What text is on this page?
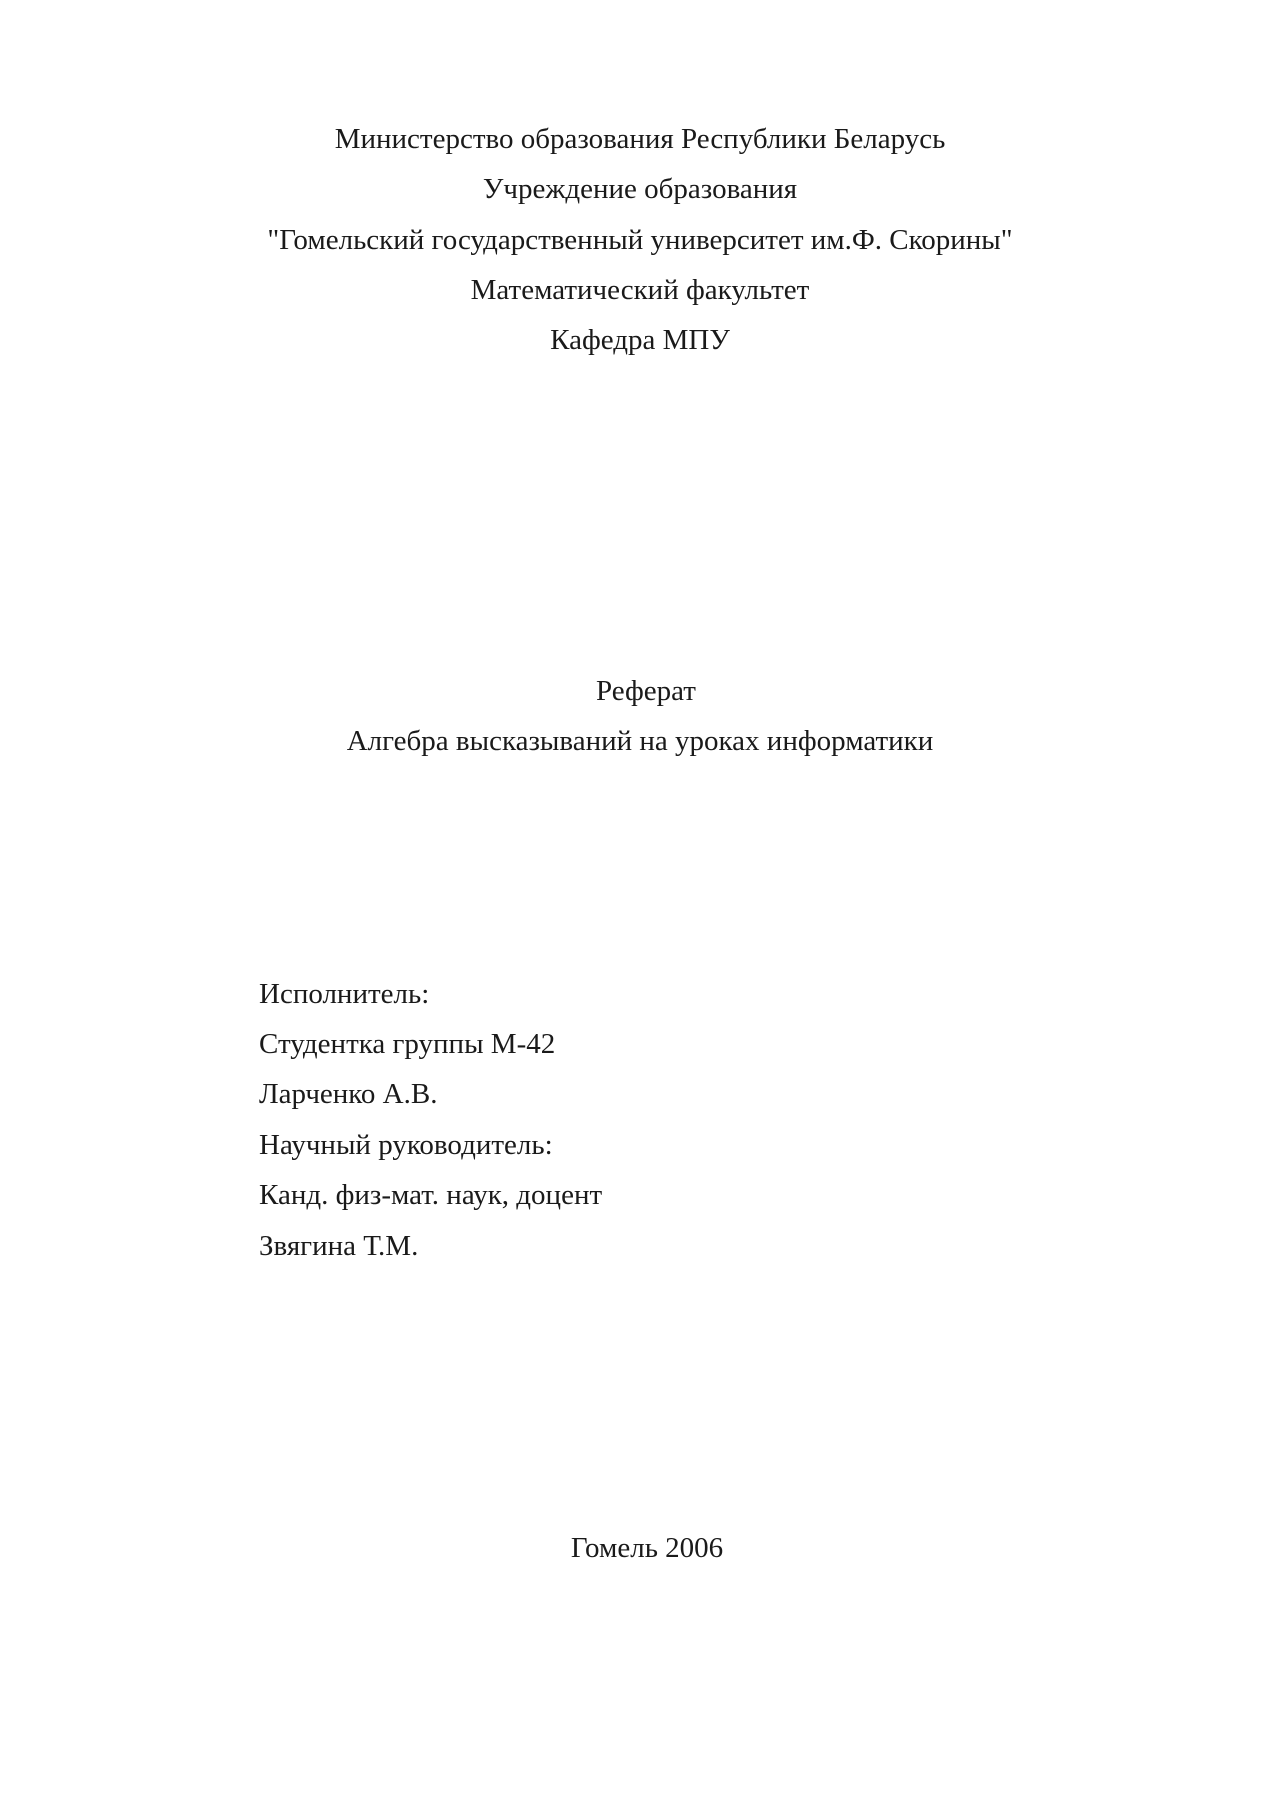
Министерство образования Республики Беларусь
Учреждение образования
"Гомельский государственный университет им.Ф. Скорины"
Математический факультет
Кафедра МПУ
Реферат
Алгебра высказываний на уроках информатики
Исполнитель:
Студентка группы М-42
Ларченко А.В.
Научный руководитель:
Канд. физ-мат. наук, доцент
Звягина Т.М.
Гомель 2006
